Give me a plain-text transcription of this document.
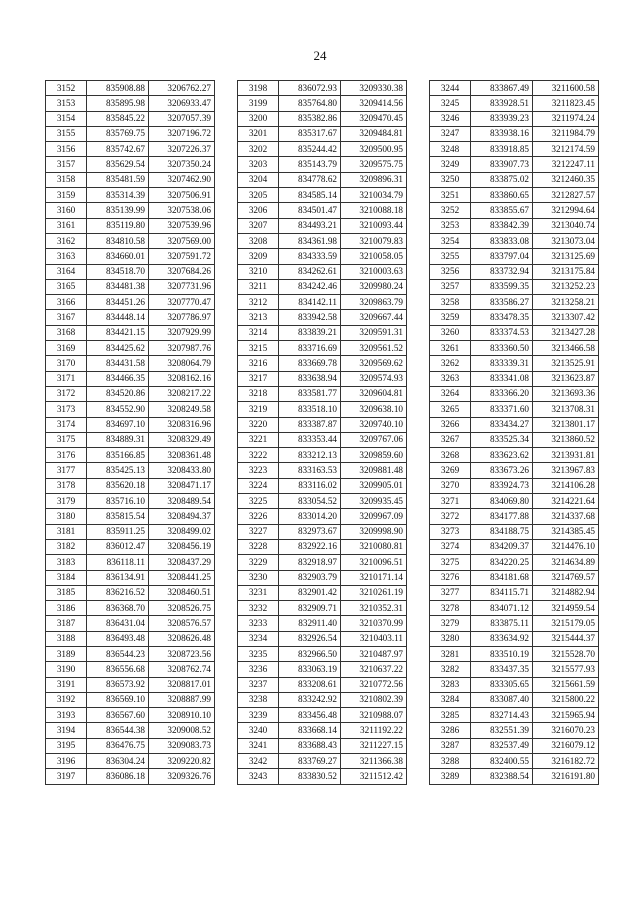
24
3152	835908.88	3206762.27
3153	835895.98	3206933.47
3154	835845.22	3207057.39
3155	835769.75	3207196.72
3156	835742.67	3207226.37
3157	835629.54	3207350.24
3158	835481.59	3207462.90
3159	835314.39	3207506.91
3160	835139.99	3207538.06
3161	835119.80	3207539.96
3162	834810.58	3207569.00
3163	834660.01	3207591.72
3164	834518.70	3207684.26
3165	834481.38	3207731.96
3166	834451.26	3207770.47
3167	834448.14	3207786.97
3168	834421.15	3207929.99
3169	834425.62	3207987.76
3170	834431.58	3208064.79
3171	834466.35	3208162.16
3172	834520.86	3208217.22
3173	834552.90	3208249.58
3174	834697.10	3208316.96
3175	834889.31	3208329.49
3176	835166.85	3208361.48
3177	835425.13	3208433.80
3178	835620.18	3208471.17
3179	835716.10	3208489.54
3180	835815.54	3208494.37
3181	835911.25	3208499.02
3182	836012.47	3208456.19
3183	836118.11	3208437.29
3184	836134.91	3208441.25
3185	836216.52	3208460.51
3186	836368.70	3208526.75
3187	836431.04	3208576.57
3188	836493.48	3208626.48
3189	836544.23	3208723.56
3190	836556.68	3208762.74
3191	836573.92	3208817.01
3192	836569.10	3208887.99
3193	836567.60	3208910.10
3194	836544.38	3209008.52
3195	836476.75	3209083.73
3196	836304.24	3209220.82
3197	836086.18	3209326.76
3198	836072.93	3209330.38
3199	835764.80	3209414.56
3200	835382.86	3209470.45
3201	835317.67	3209484.81
3202	835244.42	3209500.95
3203	835143.79	3209575.75
3204	834778.62	3209896.31
3205	834585.14	3210034.79
3206	834501.47	3210088.18
3207	834493.21	3210093.44
3208	834361.98	3210079.83
3209	834333.59	3210058.05
3210	834262.61	3210003.63
3211	834242.46	3209980.24
3212	834142.11	3209863.79
3213	833942.58	3209667.44
3214	833839.21	3209591.31
3215	833716.69	3209561.52
3216	833669.78	3209569.62
3217	833638.94	3209574.93
3218	833581.77	3209604.81
3219	833518.10	3209638.10
3220	833387.87	3209740.10
3221	833353.44	3209767.06
3222	833212.13	3209859.60
3223	833163.53	3209881.48
3224	833116.02	3209905.01
3225	833054.52	3209935.45
3226	833014.20	3209967.09
3227	832973.67	3209998.90
3228	832922.16	3210080.81
3229	832918.97	3210096.51
3230	832903.79	3210171.14
3231	832901.42	3210261.19
3232	832909.71	3210352.31
3233	832911.40	3210370.99
3234	832926.54	3210403.11
3235	832966.50	3210487.97
3236	833063.19	3210637.22
3237	833208.61	3210772.56
3238	833242.92	3210802.39
3239	833456.48	3210988.07
3240	833668.14	3211192.22
3241	833688.43	3211227.15
3242	833769.27	3211366.38
3243	833830.52	3211512.42
3244	833867.49	3211600.58
3245	833928.51	3211823.45
3246	833939.23	3211974.24
3247	833938.16	3211984.79
3248	833918.85	3212174.59
3249	833907.73	3212247.11
3250	833875.02	3212460.35
3251	833860.65	3212827.57
3252	833855.67	3212994.64
3253	833842.39	3213040.74
3254	833833.08	3213073.04
3255	833797.04	3213125.69
3256	833732.94	3213175.84
3257	833599.35	3213252.23
3258	833586.27	3213258.21
3259	833478.35	3213307.42
3260	833374.53	3213427.28
3261	833360.50	3213466.58
3262	833339.31	3213525.91
3263	833341.08	3213623.87
3264	833366.20	3213693.36
3265	833371.60	3213708.31
3266	833434.27	3213801.17
3267	833525.34	3213860.52
3268	833623.62	3213931.81
3269	833673.26	3213967.83
3270	833924.73	3214106.28
3271	834069.80	3214221.64
3272	834177.88	3214337.68
3273	834188.75	3214385.45
3274	834209.37	3214476.10
3275	834220.25	3214634.89
3276	834181.68	3214769.57
3277	834115.71	3214882.94
3278	834071.12	3214959.54
3279	833875.11	3215179.05
3280	833634.92	3215444.37
3281	833510.19	3215528.70
3282	833437.35	3215577.93
3283	833305.65	3215661.59
3284	833087.40	3215800.22
3285	832714.43	3215965.94
3286	832551.39	3216070.23
3287	832537.49	3216079.12
3288	832400.55	3216182.72
3289	832388.54	3216191.80
